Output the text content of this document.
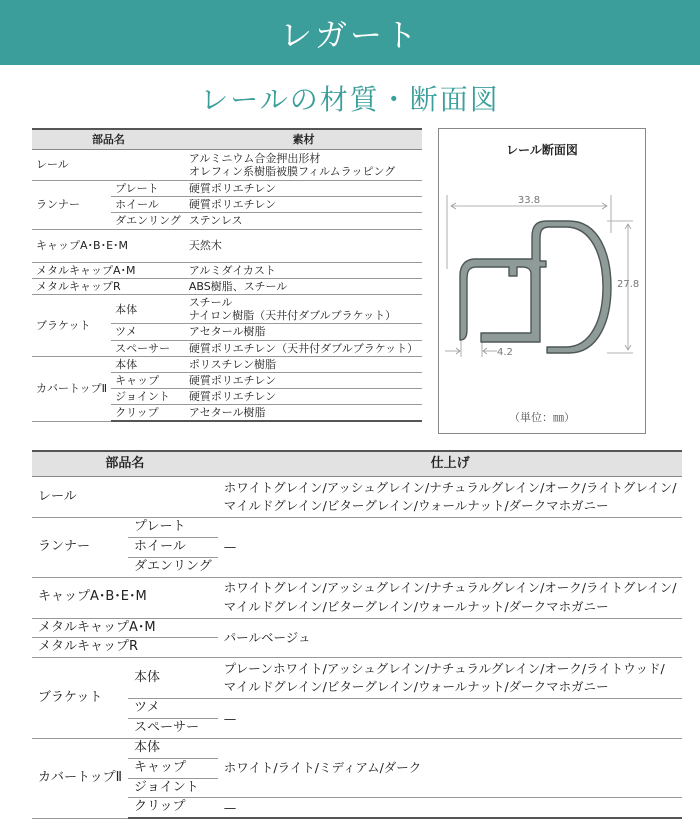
レガート
レールの材質・断面図
部品名		素材
レール		アルミニウム合金押出形材
オレフィン系樹脂被膜フィルムラッピング

ランナー	プレート	硬質ポリエチレン
	ホイール	硬質ポリエチレン
	ダエンリング	ステンレス
キャップA･B･E･M		天然木
メタルキャップA･M		アルミダイカスト
メタルキャップR		ABS樹脂、スチール
ブラケット	本体	スチール
ナイロン樹脂（天井付ダブルブラケット）

	ツメ	アセタール樹脂
	スペーサー	硬質ポリエチレン（天井付ダブルブラケット）
カバートップⅡ	本体	ポリスチレン樹脂
	キャップ	硬質ポリエチレン
	ジョイント	硬質ポリエチレン
	クリップ	アセタール樹脂
レール断面図
33.8
27.8
4.2
（単位：㎜）
部品名		仕上げ
レール		ホワイトグレイン/アッシュグレイン/ナチュラルグレイン/オーク/ライトグレイン/
マイルドグレイン/ビターグレイン/ウォールナット/ダークマホガニー

ランナー	プレート	—
	ホイール	
	ダエンリング	
キャップA･B･E･M		ホワイトグレイン/アッシュグレイン/ナチュラルグレイン/オーク/ライトグレイン/
マイルドグレイン/ビターグレイン/ウォールナット/ダークマホガニー

メタルキャップA･M		パールベージュ
メタルキャップR		
ブラケット	本体	プレーンホワイト/アッシュグレイン/ナチュラルグレイン/オーク/ライトウッド/
マイルドグレイン/ビターグレイン/ウォールナット/ダークマホガニー

	ツメ	—
	スペーサー	
カバートップⅡ	本体	ホワイト/ライト/ミディアム/ダーク
	キャップ	
	ジョイント	
	クリップ	—
